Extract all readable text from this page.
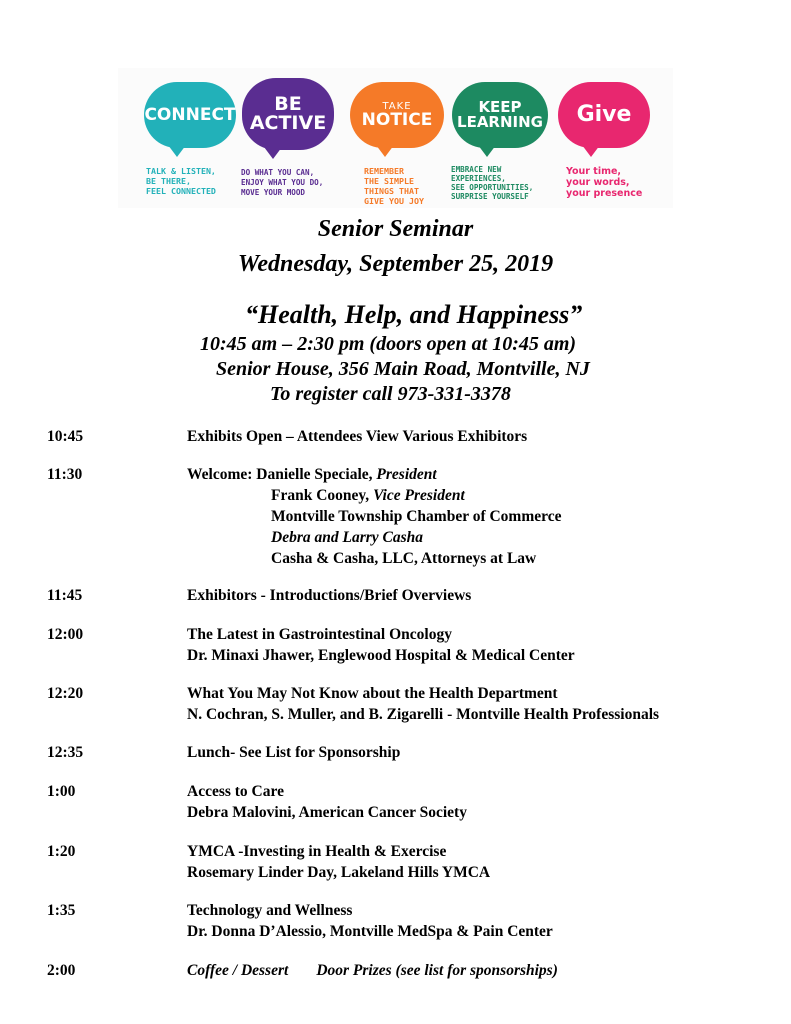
CONNECT BE
ACTIVE
TAKE
NOTICE
KEEP
LEARNING Give
TALK & LISTEN,
BE THERE,
FEEL CONNECTED
DO WHAT YOU CAN,
ENJOY WHAT YOU DO,
MOVE YOUR MOOD
REMEMBER
THE SIMPLE
THINGS THAT
GIVE YOU JOY
EMBRACE NEW
EXPERIENCES,
SEE OPPORTUNITIES,
SURPRISE YOURSELF
Your time,
your words,
your presence
Senior Seminar
Wednesday, September 25, 2019
“Health, Help, and Happiness”
10:45 am – 2:30 pm (doors open at 10:45 am)
Senior House, 356 Main Road, Montville, NJ
To register call 973-331-3378
10:45	Exhibits Open – Attendees View Various Exhibitors
11:30	Welcome: Danielle Speciale, President
Frank Cooney, Vice President
Montville Township Chamber of Commerce
Debra and Larry Casha
Casha & Casha, LLC, Attorneys at Law
11:45	Exhibitors - Introductions/Brief Overviews
12:00	The Latest in Gastrointestinal Oncology
Dr. Minaxi Jhawer, Englewood Hospital & Medical Center
12:20	What You May Not Know about the Health Department
N. Cochran, S. Muller, and B. Zigarelli - Montville Health Professionals
12:35	Lunch- See List for Sponsorship
1:00	Access to Care
Debra Malovini, American Cancer Society
1:20	YMCA -Investing in Health & Exercise
Rosemary Linder Day, Lakeland Hills YMCA
1:35	Technology and Wellness
Dr. Donna D’Alessio, Montville MedSpa & Pain Center
2:00	Coffee / Dessert Door Prizes (see list for sponsorships)
